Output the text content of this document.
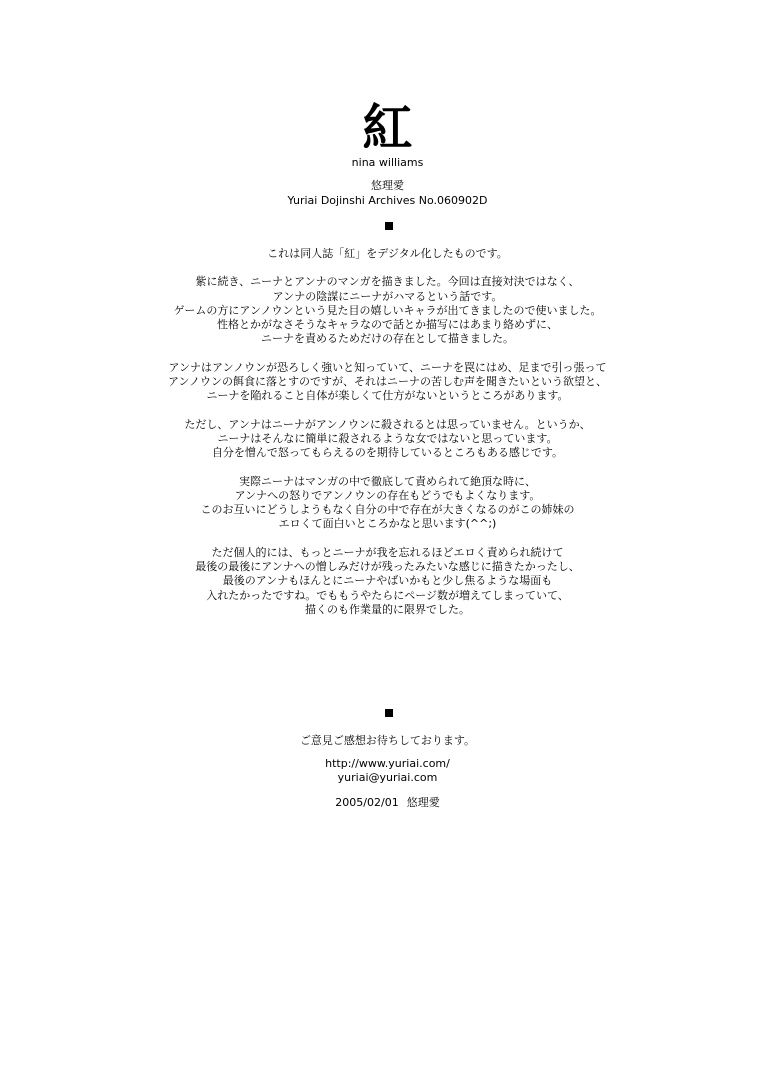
紅
nina williams
悠理愛
Yuriai Dojinshi Archives No.060902D

これは同人誌「紅」をデジタル化したものです。

紫に続き、ニーナとアンナのマンガを描きました。今回は直接対決ではなく、
アンナの陰謀にニーナがハマるという話です。
ゲームの方にアンノウンという見た目の嬉しいキャラが出てきましたので使いました。
性格とかがなさそうなキャラなので話とか描写にはあまり絡めずに、
ニーナを責めるためだけの存在として描きました。

アンナはアンノウンが恐ろしく強いと知っていて、ニーナを罠にはめ、足まで引っ張って
アンノウンの餌食に落とすのですが、それはニーナの苦しむ声を聞きたいという欲望と、
ニーナを陥れること自体が楽しくて仕方がないというところがあります。

ただし、アンナはニーナがアンノウンに殺されるとは思っていません。というか、
ニーナはそんなに簡単に殺されるような女ではないと思っています。
自分を憎んで怒ってもらえるのを期待しているところもある感じです。

実際ニーナはマンガの中で徹底して責められて絶頂な時に、
アンナへの怒りでアンノウンの存在もどうでもよくなります。
このお互いにどうしようもなく自分の中で存在が大きくなるのがこの姉妹の
エロくて面白いところかなと思います(^^;)

ただ個人的には、もっとニーナが我を忘れるほどエロく責められ続けて
最後の最後にアンナへの憎しみだけが残ったみたいな感じに描きたかったし、
最後のアンナもほんとにニーナやばいかもと少し焦るような場面も
入れたかったですね。でももうやたらにページ数が増えてしまっていて、
描くのも作業量的に限界でした。

ご意見ご感想お待ちしております。
http://www.yuriai.com/
yuriai@yuriai.com
2005/02/01 悠理愛
